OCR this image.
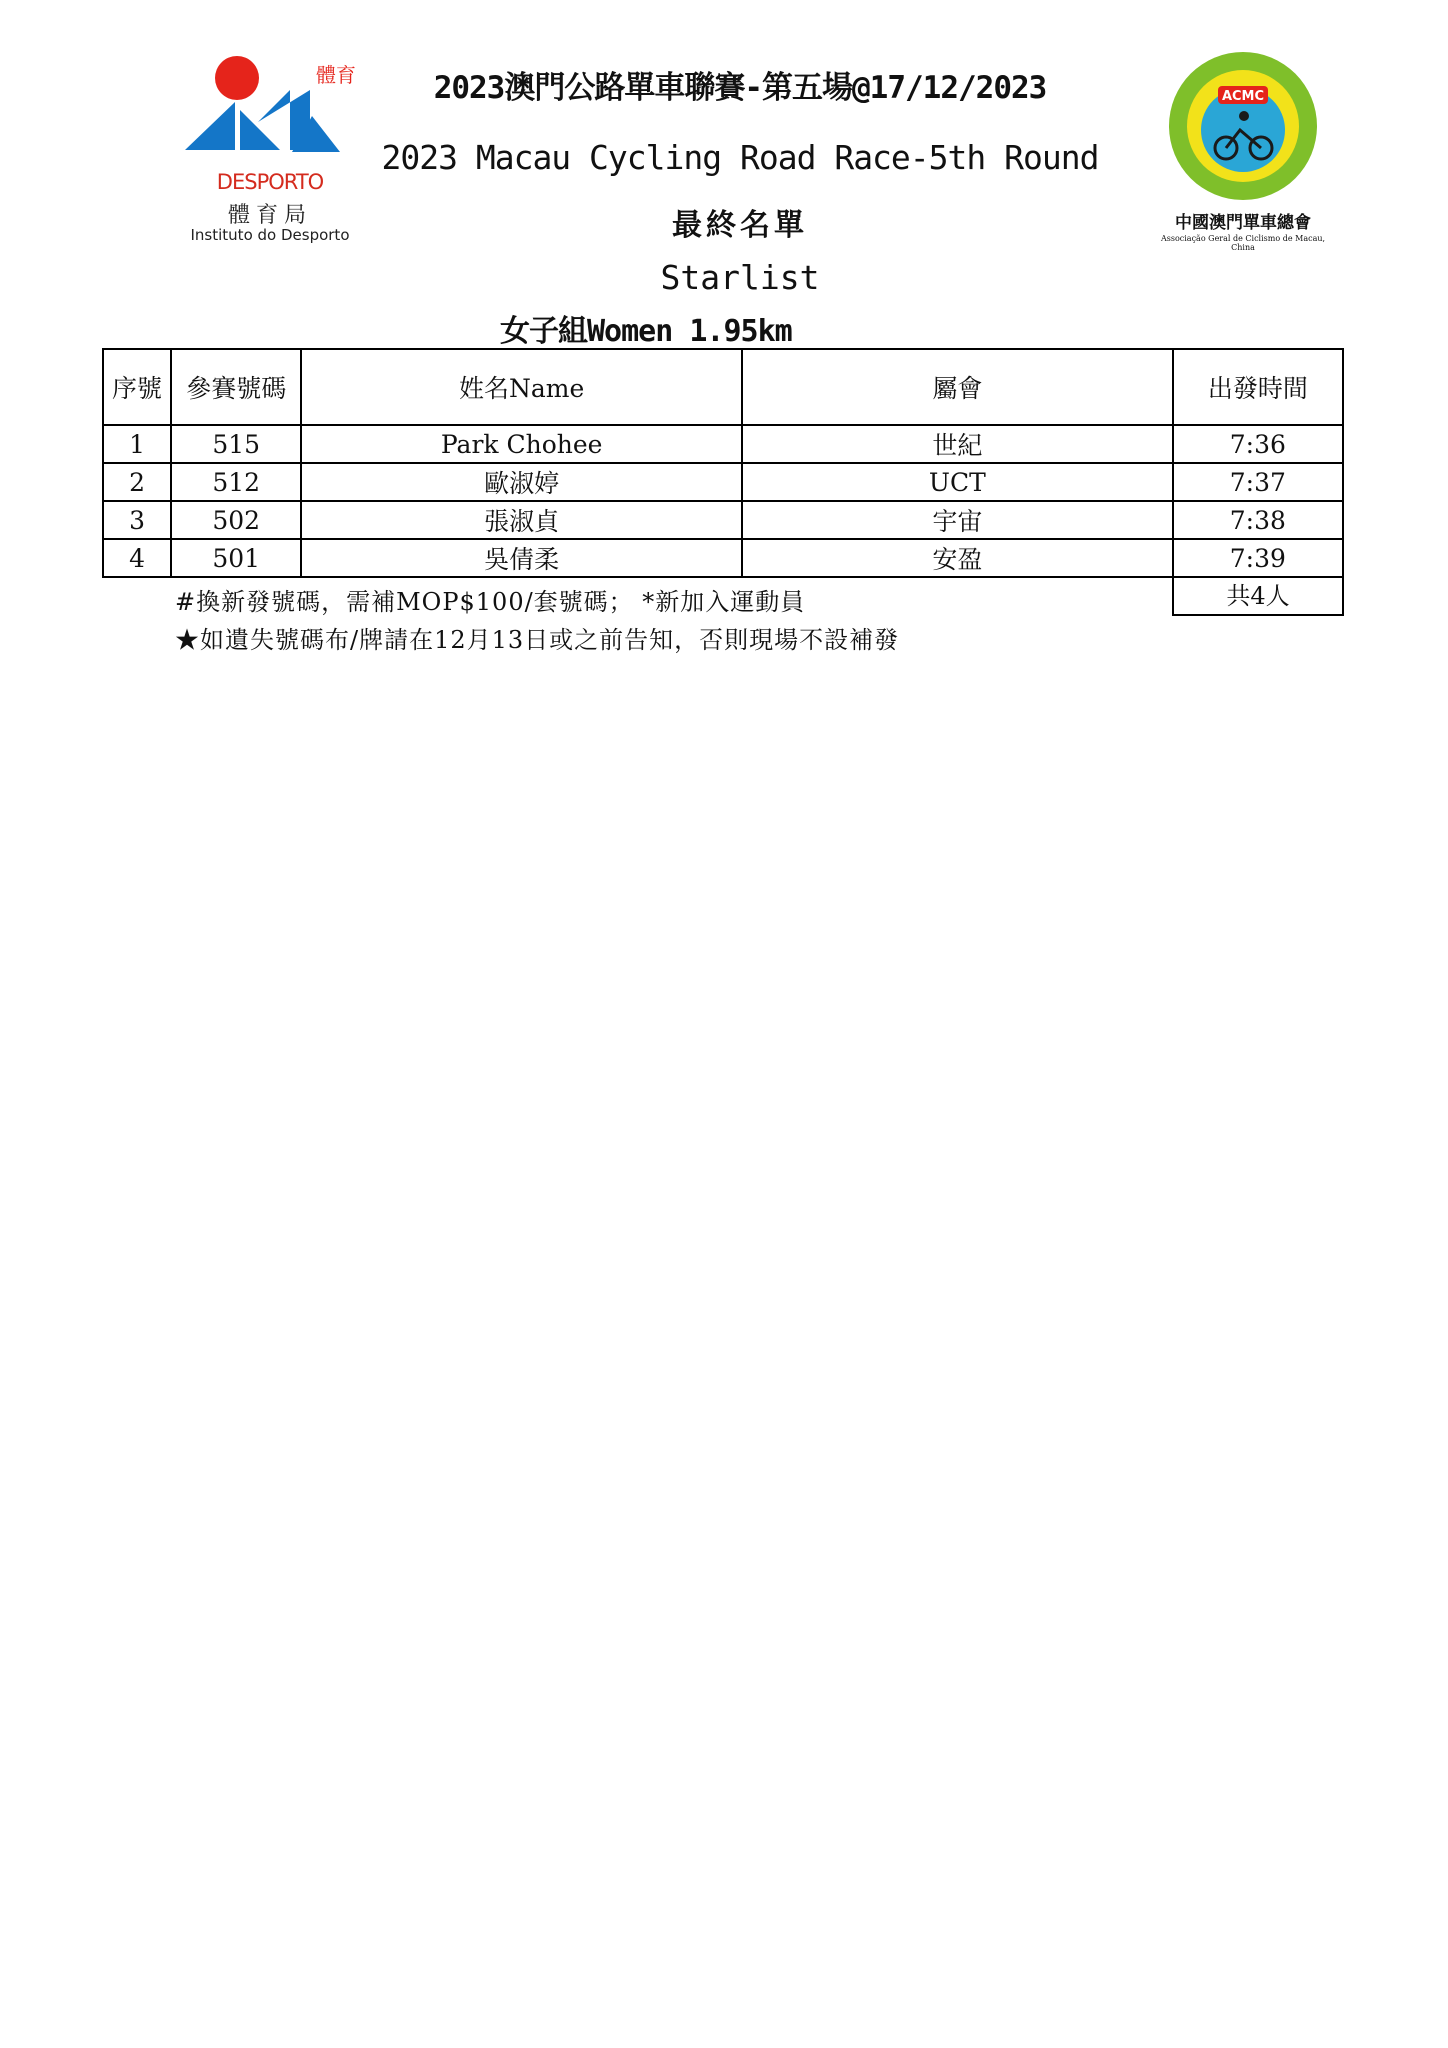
體育
DESPORTO
體育局
Instituto do Desporto
ACMC
中國澳門單車總會
Associação Geral de Ciclismo de Macau, China
2023澳門公路單車聯賽-第五場@17/12/2023
2023 Macau Cycling Road Race-5th Round
最終名單
Starlist
女子組Women 1.95km
序號	參賽號碼	姓名Name	屬會	出發時間
1	515	Park Chohee	世紀	7:36
2	512	歐淑婷	UCT	7:37
3	502	張淑貞	宇宙	7:38
4	501	吳倩柔	安盈	7:39
共4人
#換新發號碼，需補MOP$100/套號碼； *新加入運動員
★如遺失號碼布/牌請在12月13日或之前告知，否則現場不設補發
